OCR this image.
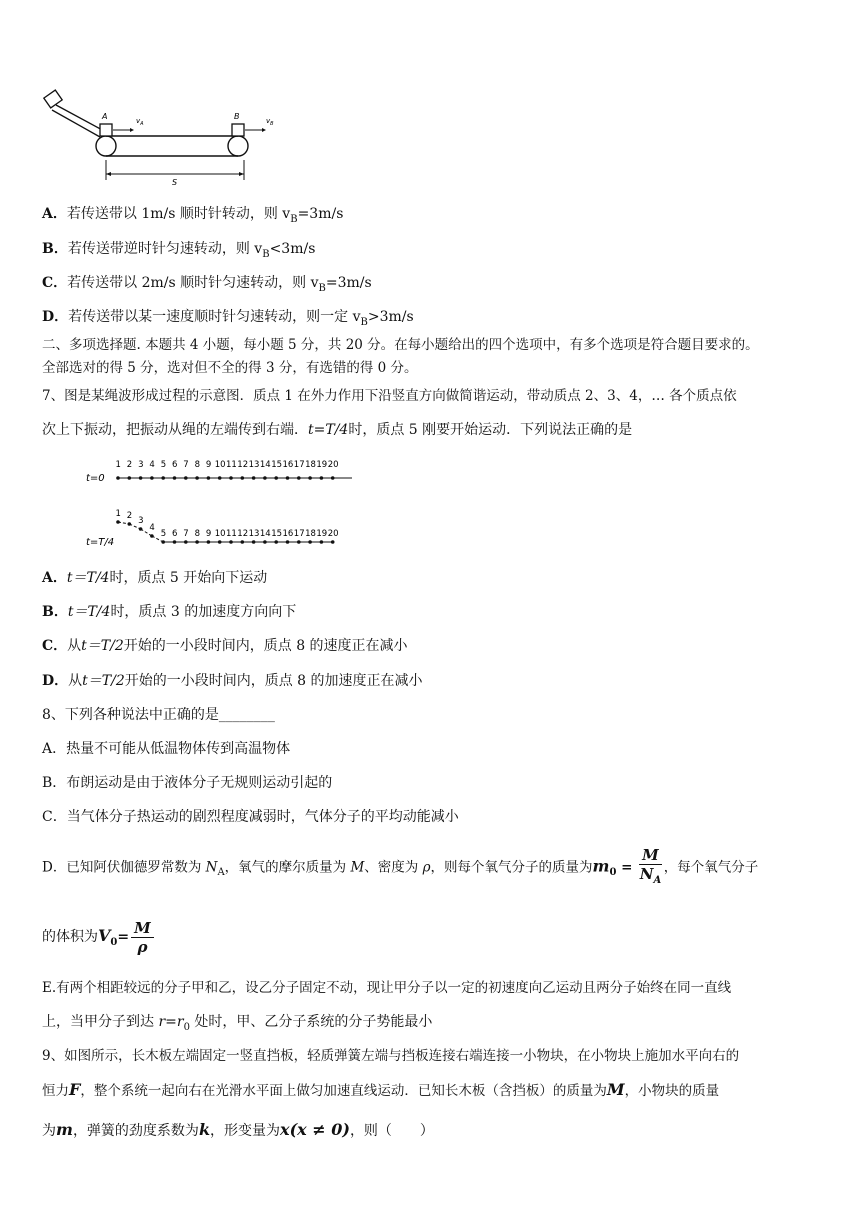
A	B
$v_A$	$v_B$
S
A．若传送带以 1m/s 顺时针转动，则 $v_B=3m/s$
B．若传送带逆时针匀速转动，则 $v_B<3m/s$
C．若传送带以 2m/s 顺时针匀速转动，则 $v_B=3m/s$
D．若传送带以某一速度顺时针匀速转动，则一定 $v_B>3m/s$
二、多项选择题. 本题共 4 小题，每小题 5 分，共 20 分。在每小题给出的四个选项中，有多个选项是符合题目要求的。
全部选对的得 5 分，选对但不全的得 3 分，有选错的得 0 分。
7、图是某绳波形成过程的示意图．质点 1 在外力作用下沿竖直方向做简谐运动，带动质点 2、3、4，… 各个质点依
次上下振动，把振动从绳的左端传到右端．t=T/4时，质点 5 刚要开始运动．下列说法正确的是
t=0
t=T/4
1 2 3 4 5 6 7 8 9 10 11 12 13 14 15 16 17 18 19 20
1 2 3
4
5 6 7 8 9 10 11 12 13 14 15 16 17 18 19 20
A．t＝T/4时，质点 5 开始向下运动
B．t＝T/4时，质点 3 的加速度方向向下
C．从t＝T/2开始的一小段时间内，质点 8 的速度正在减小
D．从t＝T/2开始的一小段时间内，质点 8 的加速度正在减小
8、下列各种说法中正确的是________
A．热量不可能从低温物体传到高温物体
B．布朗运动是由于液体分子无规则运动引起的
C．当气体分子热运动的剧烈程度减弱时，气体分子的平均动能减小
D．已知阿伏伽德罗常数为 $N_A$，氧气的摩尔质量为 M、密度为 ρ，则每个氧气分子的质量为$m_0 = \frac{M}{N_A}$ ，每个氧气分子
的体积为$V_0= \frac{M}{\rho}$
E.有两个相距较远的分子甲和乙，设乙分子固定不动，现让甲分子以一定的初速度向乙运动且两分子始终在同一直线
上，当甲分子到达 $r=r_0$ 处时，甲、乙分子系统的分子势能最小
9、如图所示，长木板左端固定一竖直挡板，轻质弹簧左端与挡板连接右端连接一小物块，在小物块上施加水平向右的
恒力F，整个系统一起向右在光滑水平面上做匀加速直线运动．已知长木板（含挡板）的质量为M，小物块的质量
为m，弹簧的劲度系数为k，形变量为x(x ≠ 0)，则（　　）
